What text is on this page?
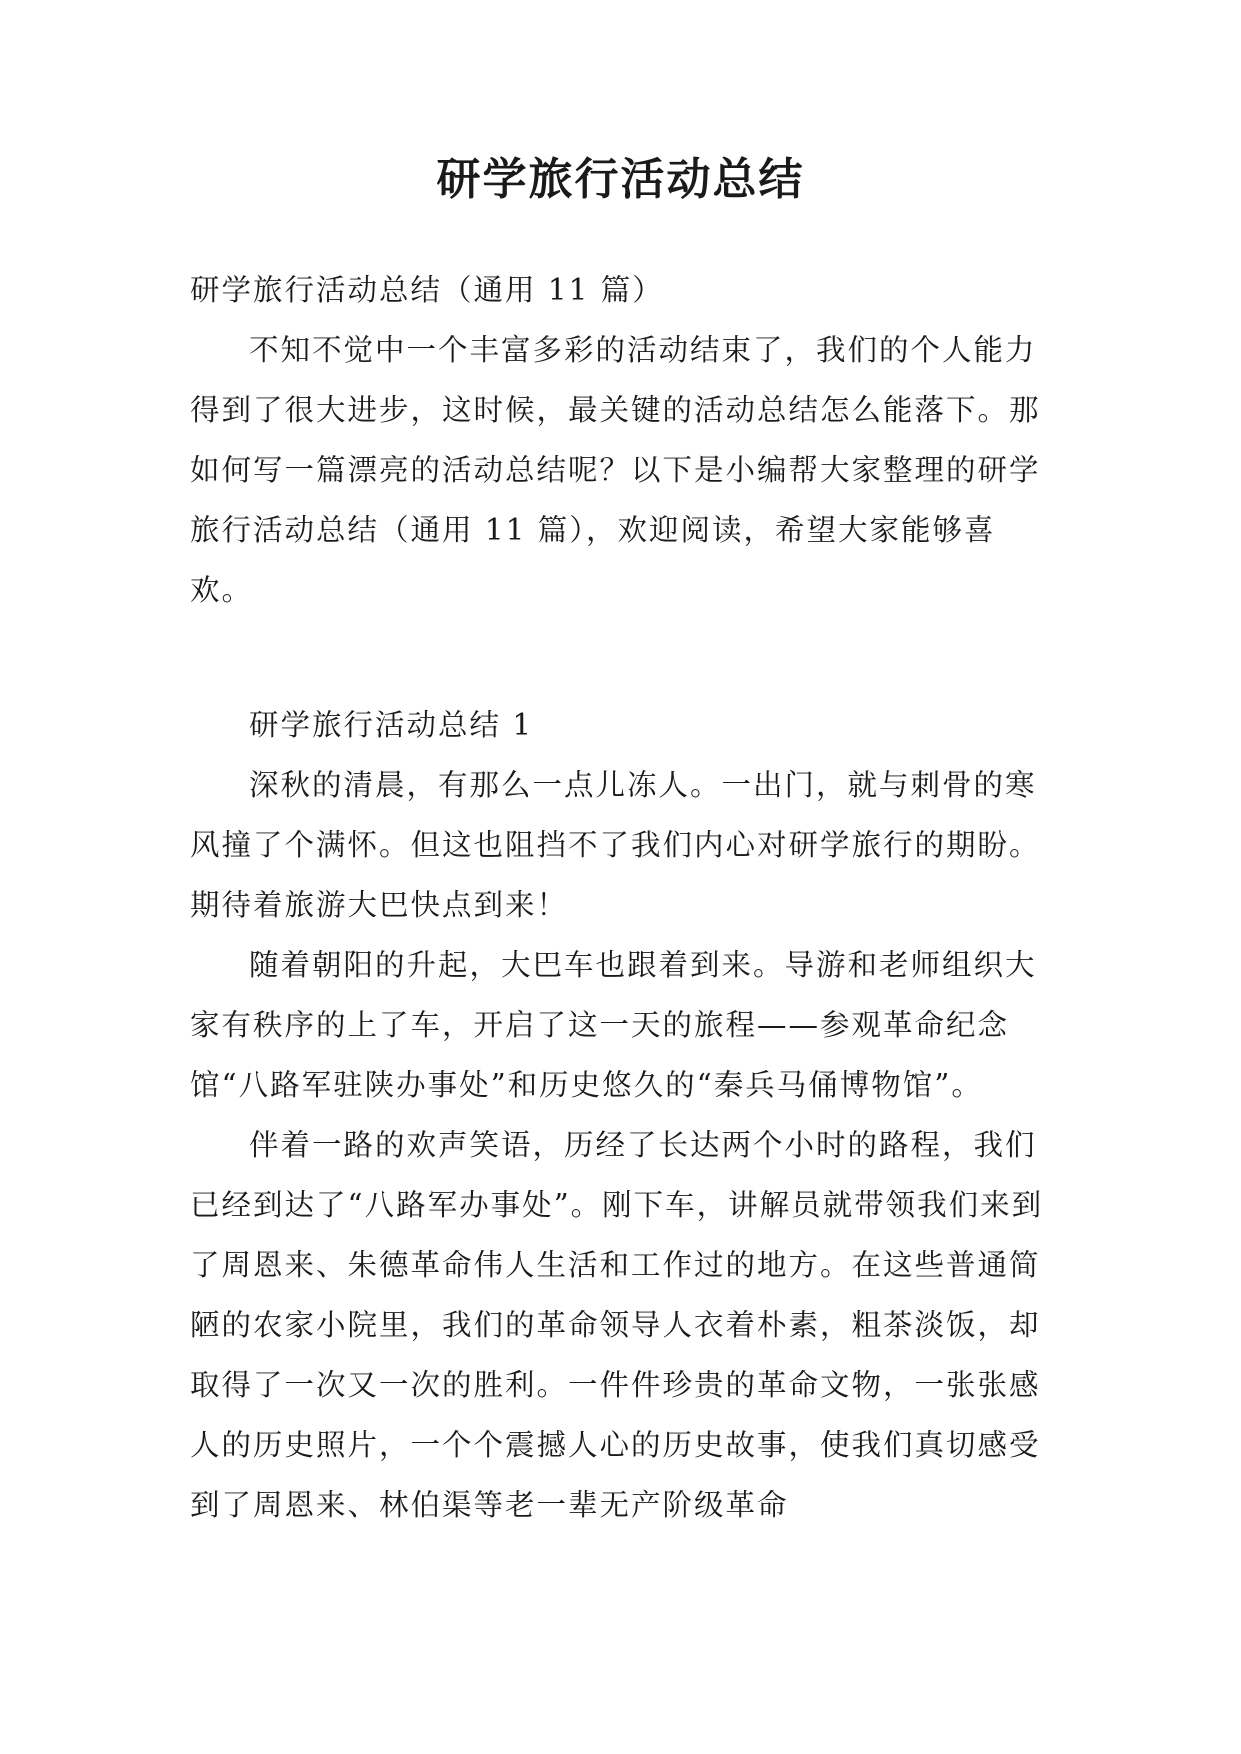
研学旅行活动总结

研学旅行活动总结（通用 11 篇）

不知不觉中一个丰富多彩的活动结束了，我们的个人能力得到了很大进步，这时候，最关键的活动总结怎么能落下。那如何写一篇漂亮的活动总结呢？以下是小编帮大家整理的研学旅行活动总结（通用 11 篇），欢迎阅读，希望大家能够喜欢。

研学旅行活动总结 1

深秋的清晨，有那么一点儿冻人。一出门，就与刺骨的寒风撞了个满怀。但这也阻挡不了我们内心对研学旅行的期盼。期待着旅游大巴快点到来！

随着朝阳的升起，大巴车也跟着到来。导游和老师组织大家有秩序的上了车，开启了这一天的旅程——参观革命纪念馆“八路军驻陕办事处”和历史悠久的“秦兵马俑博物馆”。

伴着一路的欢声笑语，历经了长达两个小时的路程，我们已经到达了“八路军办事处”。刚下车，讲解员就带领我们来到了周恩来、朱德革命伟人生活和工作过的地方。在这些普通简陋的农家小院里，我们的革命领导人衣着朴素，粗茶淡饭，却取得了一次又一次的胜利。一件件珍贵的革命文物，一张张感人的历史照片，一个个震撼人心的历史故事，使我们真切感受到了周恩来、林伯渠等老一辈无产阶级革命
